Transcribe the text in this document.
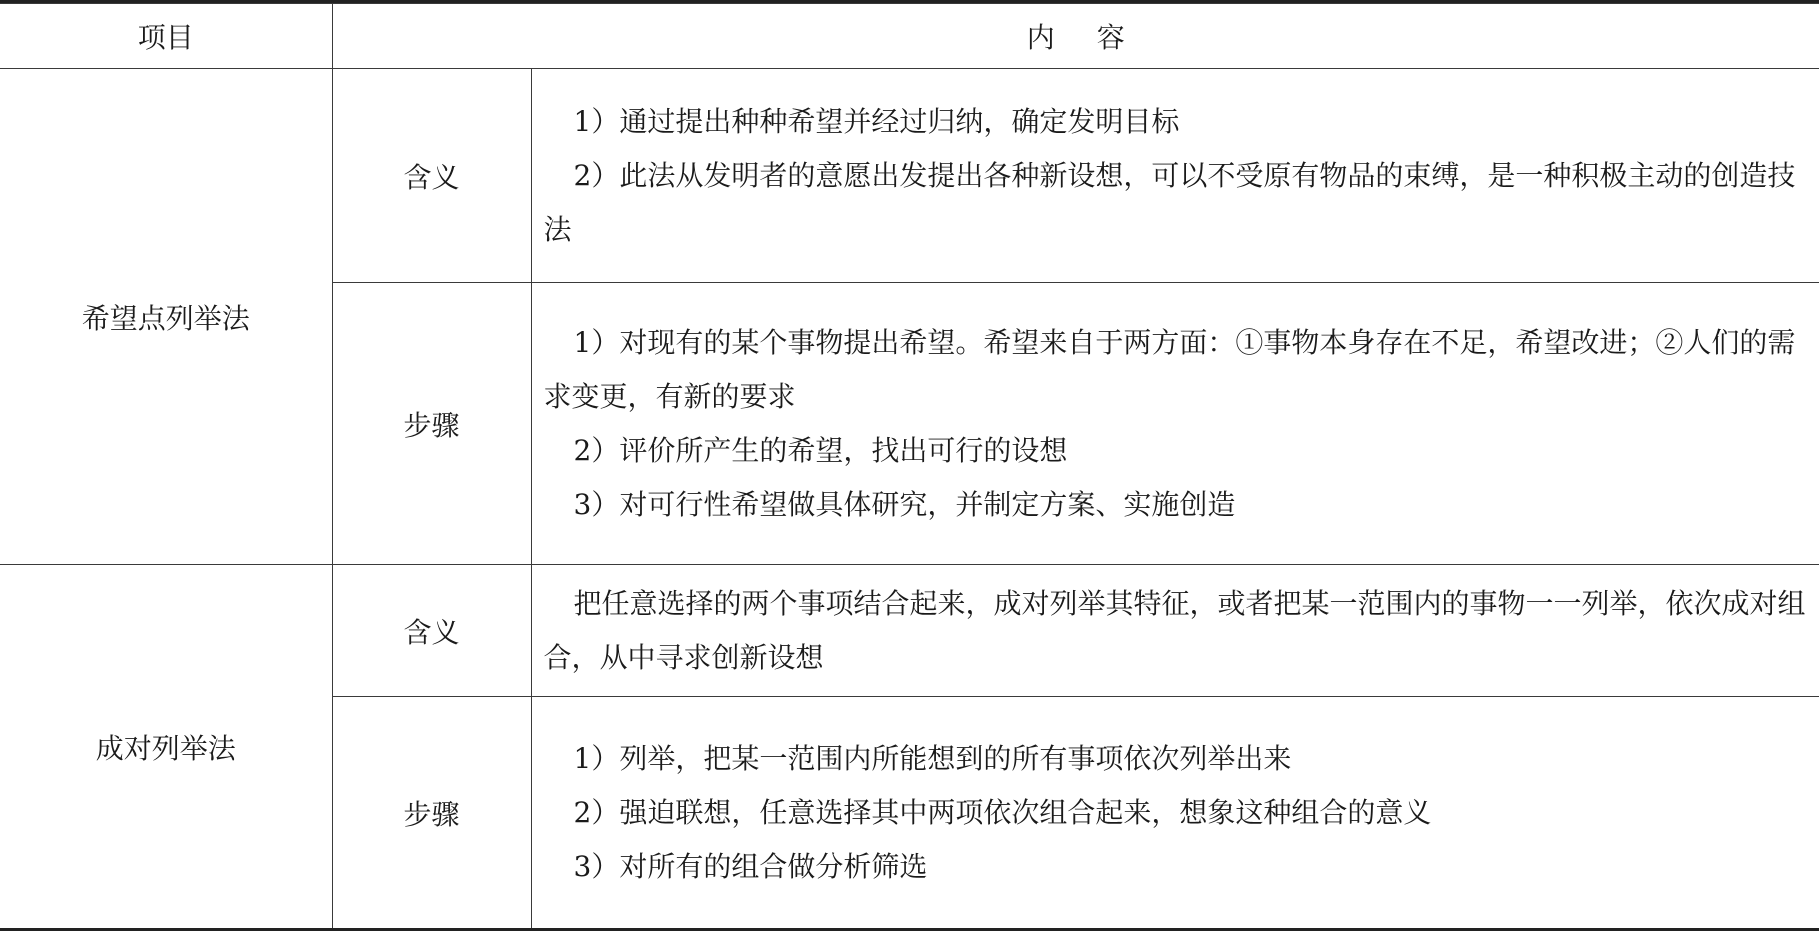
项目	内容	
希望点列举法	含义	1）通过提出种种希望并经过归纳，确定发明目标

2）此法从发明者的意愿出发提出各种新设想，可以不受原有物品的束缚，是一种积极主动的创造技法

	步骤	1）对现有的某个事物提出希望。希望来自于两方面：①事物本身存在不足，希望改进；②人们的需求变更，有新的要求

2）评价所产生的希望，找出可行的设想

3）对可行性希望做具体研究，并制定方案、实施创造

成对列举法	含义	把任意选择的两个事项结合起来，成对列举其特征，或者把某一范围内的事物一一列举，依次成对组合，从中寻求创新设想

	步骤	1）列举，把某一范围内所能想到的所有事项依次列举出来

2）强迫联想，任意选择其中两项依次组合起来，想象这种组合的意义

3）对所有的组合做分析筛选
